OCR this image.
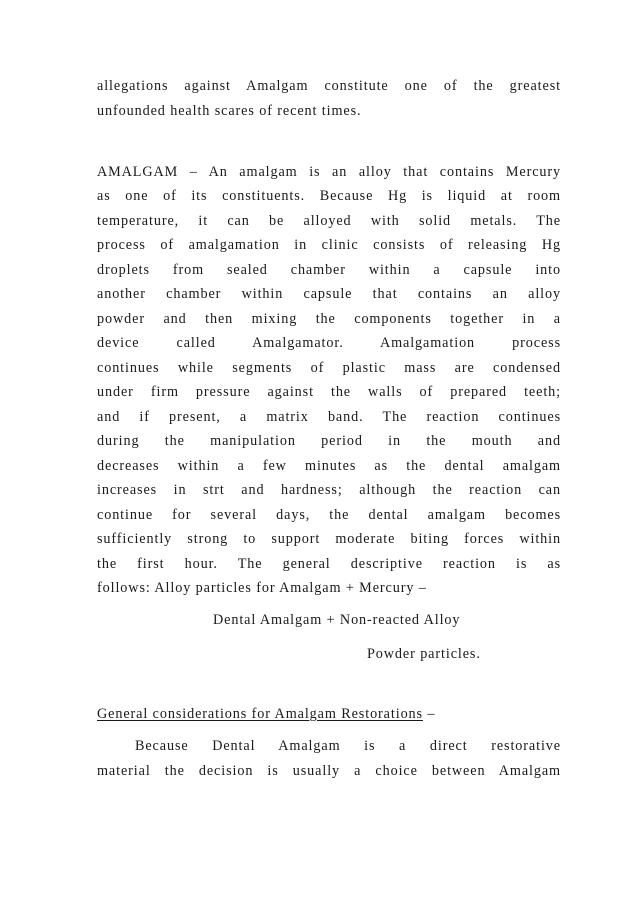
allegations against Amalgam constitute one of the greatest
unfounded health scares of recent times.
AMALGAM – An amalgam is an alloy that contains Mercury
as one of its constituents. Because Hg is liquid at room
temperature, it can be alloyed with solid metals. The
process of amalgamation in clinic consists of releasing Hg
droplets from sealed chamber within a capsule into
another chamber within capsule that contains an alloy
powder and then mixing the components together in a
device called Amalgamator. Amalgamation process
continues while segments of plastic mass are condensed
under firm pressure against the walls of prepared teeth;
and if present, a matrix band. The reaction continues
during the manipulation period in the mouth and
decreases within a few minutes as the dental amalgam
increases in strt and hardness; although the reaction can
continue for several days, the dental amalgam becomes
sufficiently strong to support moderate biting forces within
the first hour. The general descriptive reaction is as
follows: Alloy particles for Amalgam + Mercury –
Dental Amalgam + Non-reacted Alloy
Powder particles.
General considerations for Amalgam Restorations –
Because Dental Amalgam is a direct restorative
material the decision is usually a choice between Amalgam
